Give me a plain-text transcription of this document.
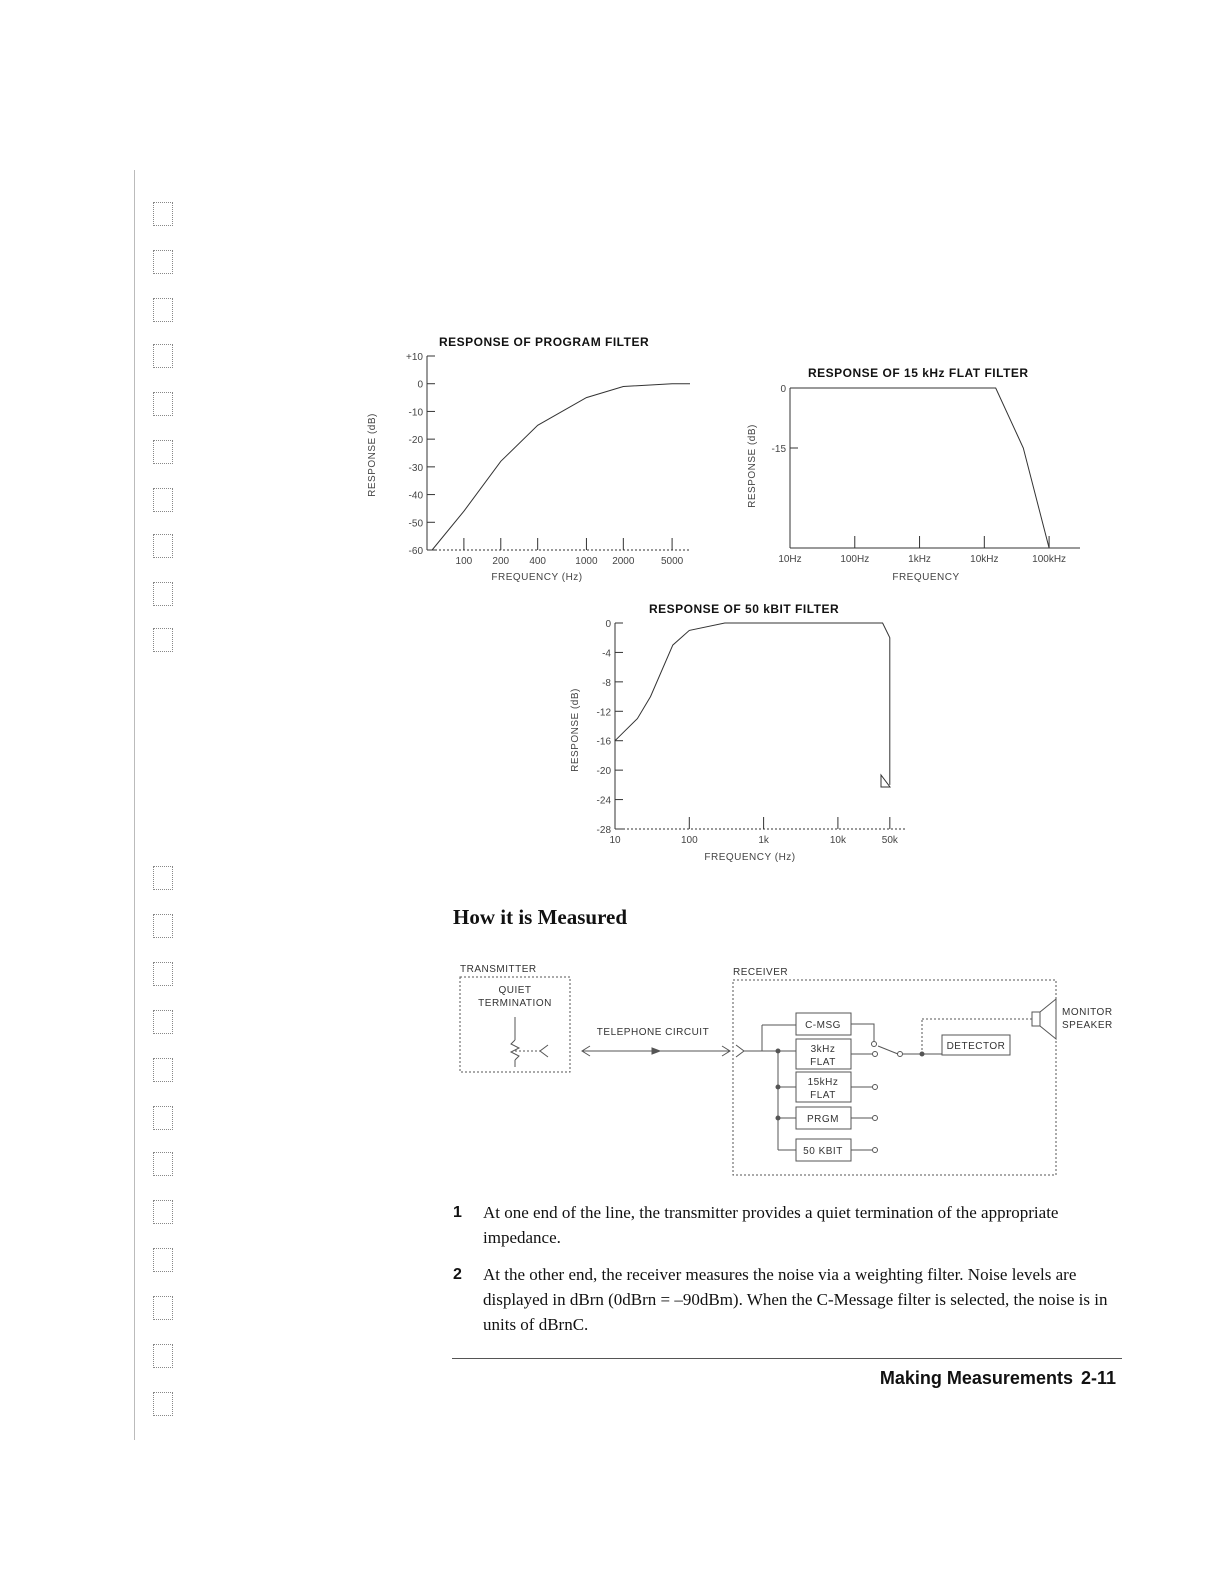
RESPONSE OF PROGRAM FILTER
+10
0
-10
-20
-30
-40
-50
-60
100 200 400	1000 2000	5000
RESPONSE (dB)
FREQUENCY (Hz)
RESPONSE OF 15 kHz FLAT FILTER
0
-15
10Hz	100Hz	1kHz	10kHz	100kHz
RESPONSE (dB)
FREQUENCY
RESPONSE OF 50 kBIT FILTER
0
-4
-8
-12
-16
-20
-24
-28
10	100	1k	10k	50k
RESPONSE (dB)
FREQUENCY (Hz)
How it is Measured
TRANSMITTER
QUIET
TERMINATION
TELEPHONE CIRCUIT
RECEIVER
C-MSG
3kHz
FLAT
15kHz
FLAT
PRGM
50 KBIT
DETECTOR
MONITOR
SPEAKER
1 At one end of the line, the transmitter provides a quiet termination of the appropriate impedance.
2 At the other end, the receiver measures the noise via a weighting filter. Noise levels are displayed in dBrn (0dBrn = –90dBm). When the C-Message filter is selected, the noise is in units of dBrnC.
Making Measurements 2-11
